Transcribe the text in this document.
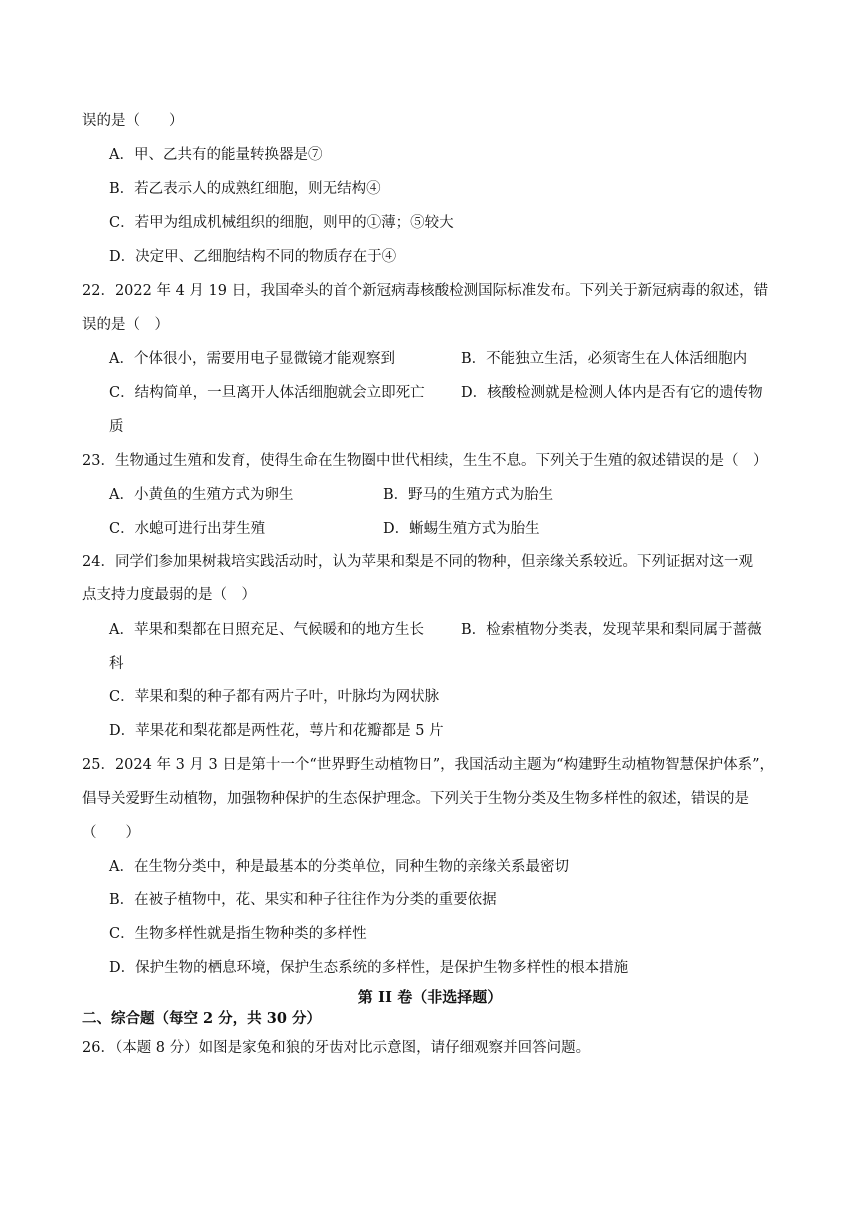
误的是（　　）
A．甲、乙共有的能量转换器是⑦
B．若乙表示人的成熟红细胞，则无结构④
C．若甲为组成机械组织的细胞，则甲的①薄；⑤较大
D．决定甲、乙细胞结构不同的物质存在于④
22．2022 年 4 月 19 日，我国牵头的首个新冠病毒核酸检测国际标准发布。下列关于新冠病毒的叙述，错
误的是（　）
A．个体很小，需要用电子显微镜才能观察到	B．不能独立生活，必须寄生在人体活细胞内
C．结构简单，一旦离开人体活细胞就会立即死亡	D．核酸检测就是检测人体内是否有它的遗传物
质
23．生物通过生殖和发育，使得生命在生物圈中世代相续，生生不息。下列关于生殖的叙述错误的是（　）
A．小黄鱼的生殖方式为卵生	B．野马的生殖方式为胎生
C．水螅可进行出芽生殖	D．蜥蜴生殖方式为胎生
24．同学们参加果树栽培实践活动时，认为苹果和梨是不同的物种，但亲缘关系较近。下列证据对这一观
点支持力度最弱的是（　）
A．苹果和梨都在日照充足、气候暖和的地方生长	B．检索植物分类表，发现苹果和梨同属于蔷薇
科
C．苹果和梨的种子都有两片子叶，叶脉均为网状脉
D．苹果花和梨花都是两性花，萼片和花瓣都是 5 片
25．2024 年 3 月 3 日是第十一个“世界野生动植物日”，我国活动主题为“构建野生动植物智慧保护体系”，
倡导关爱野生动植物，加强物种保护的生态保护理念。下列关于生物分类及生物多样性的叙述，错误的是
（　　）
A．在生物分类中，种是最基本的分类单位，同种生物的亲缘关系最密切
B．在被子植物中，花、果实和种子往往作为分类的重要依据
C．生物多样性就是指生物种类的多样性
D．保护生物的栖息环境，保护生态系统的多样性，是保护生物多样性的根本措施
第 II 卷（非选择题）
二、综合题（每空 2 分，共 30 分）
26．（本题 8 分）如图是家兔和狼的牙齿对比示意图，请仔细观察并回答问题。
